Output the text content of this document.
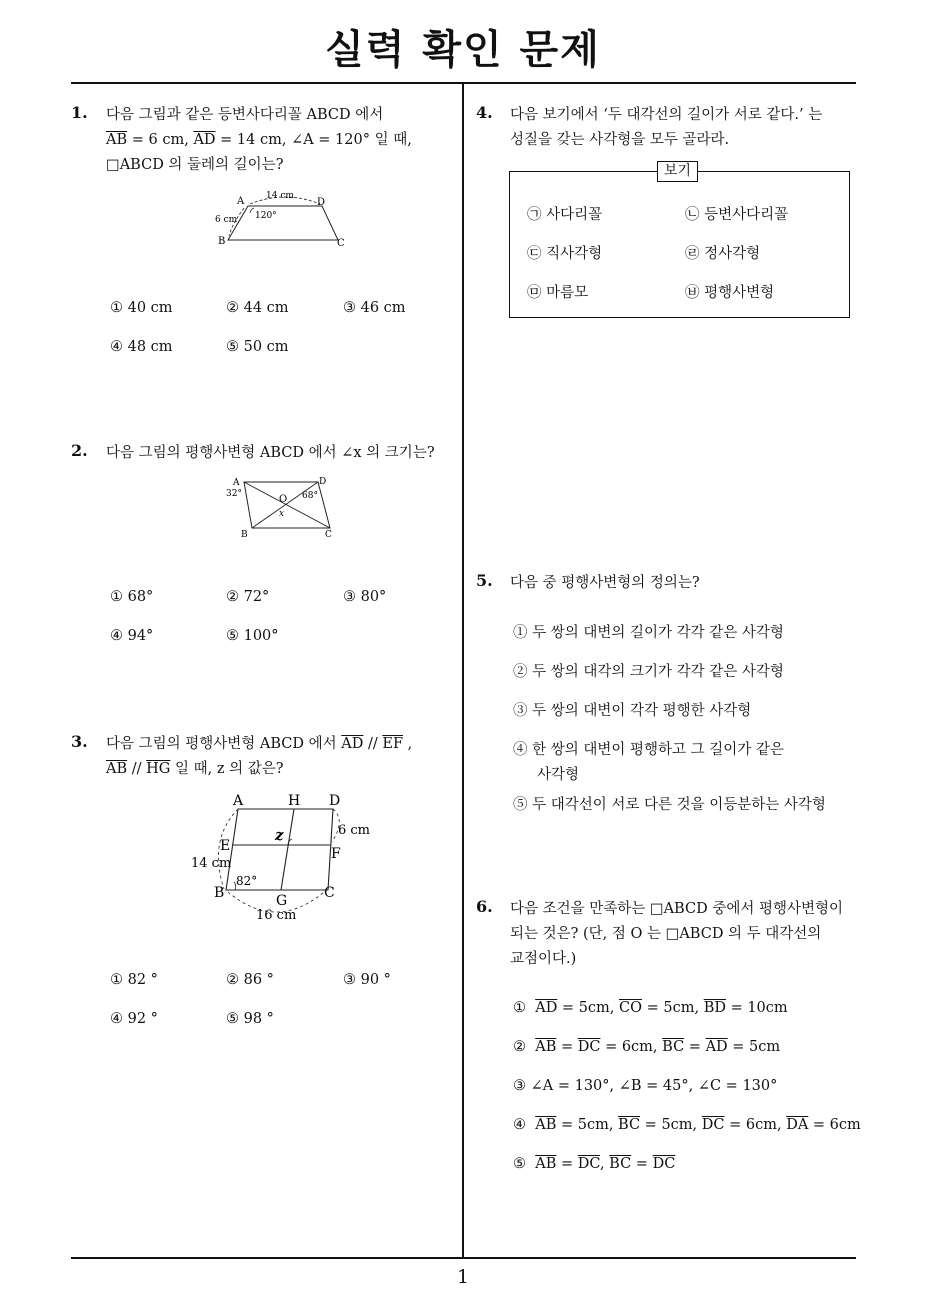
실력 확인 문제
1
1. 다음 그림과 같은 등변사다리꼴 ABCD 에서
$\overline{AB} = 6$ cm, $\overline{AD} = 14$ cm, ∠A = 120° 일 때,
□ABCD 의 둘레의 길이는?
A	D
B	C
14 cm
6 cm 120°
① 40 cm	② 44 cm	③ 46 cm
④ 48 cm	⑤ 50 cm
2. 다음 그림의 평행사변형 ABCD 에서 ∠x 의 크기는?
A	D
B	C
O
32°	68°
x
① 68°	② 72°	③ 80°
④ 94°	⑤ 100°
3. 다음 그림의 평행사변형 ABCD 에서 $\overline{AD} // \overline{EF}$ ,
$\overline{AB} // \overline{HG}$ 일 때, z 의 값은?
A	H D
E	F
B	G	C
z	6 cm
14 cm
16 cm
82°
① 82 °	② 86 °	③ 90 °
④ 92 °	⑤ 98 °
4. 다음 보기에서 ‘두 대각선의 길이가 서로 같다.’ 는
성질을 갖는 사각형을 모두 골라라.
㉠ 사다리꼴	㉡ 등변사다리꼴
㉢ 직사각형	㉣ 정사각형
㉤ 마름모	㉥ 평행사변형
보기
5. 다음 중 평행사변형의 정의는?
① 두 쌍의 대변의 길이가 각각 같은 사각형
② 두 쌍의 대각의 크기가 각각 같은 사각형
③ 두 쌍의 대변이 각각 평행한 사각형
④ 한 쌍의 대변이 평행하고 그 길이가 같은
사각형
⑤ 두 대각선이 서로 다른 것을 이등분하는 사각형
6. 다음 조건을 만족하는 □ABCD 중에서 평행사변형이
되는 것은? (단, 점 O 는 □ABCD 의 두 대각선의
교점이다.)
① $\overline{AD} = 5cm$, $\overline{CO} = 5cm$, $\overline{BD} = 10cm$
② $\overline{AB} = \overline{DC} = 6cm$, $\overline{BC} = \overline{AD} = 5cm$
③ ∠A = 130°, ∠B = 45°, ∠C = 130°
④ $\overline{AB} = 5cm$, $\overline{BC} = 5cm$, $\overline{DC} = 6cm$, $\overline{DA} = 6cm$
⑤ $\overline{AB} = \overline{DC}$, $\overline{BC} = \overline{DC}$
